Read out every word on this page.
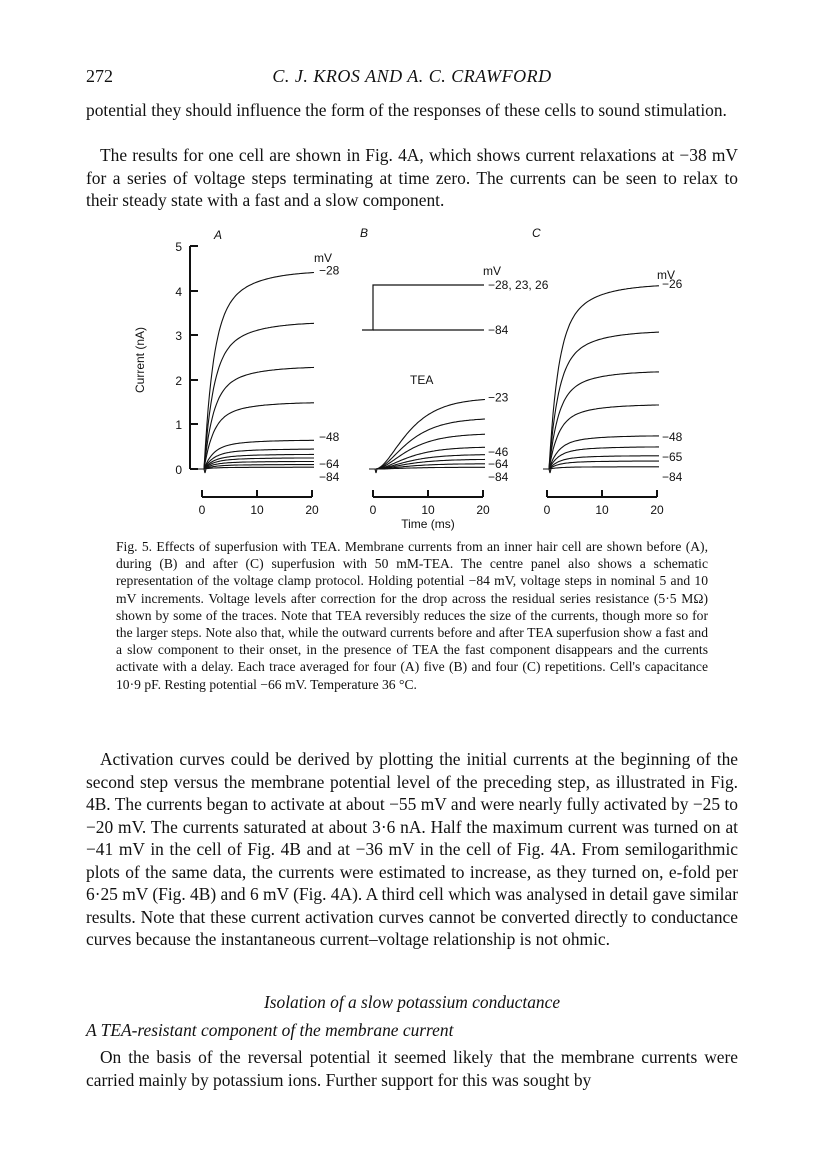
272	C. J. KROS AND A. C. CRAWFORD

potential they should influence the form of the responses of these cells to sound stimulation.

The results for one cell are shown in Fig. 4A, which shows current relaxations at −38 mV for a series of voltage steps terminating at time zero. The currents can be seen to relax to their steady state with a fast and a slow component.

A	B	C
5
4
3
2
1
0
Current (nA)
0	10	20	0	10	20	0	10	20
Time (ms)
mV
mV	mV
−28, 23, 26
−84
TEA
−28
−48
−64
−84
−23
−46
−64
−84
−26
−48
−65
−84

Fig. 5. Effects of superfusion with TEA. Membrane currents from an inner hair cell are shown before (A), during (B) and after (C) superfusion with 50 mM-TEA. The centre panel also shows a schematic representation of the voltage clamp protocol. Holding potential −84 mV, voltage steps in nominal 5 and 10 mV increments. Voltage levels after correction for the drop across the residual series resistance (5·5 MΩ) shown by some of the traces. Note that TEA reversibly reduces the size of the currents, though more so for the larger steps. Note also that, while the outward currents before and after TEA superfusion show a fast and a slow component to their onset, in the presence of TEA the fast component disappears and the currents activate with a delay. Each trace averaged for four (A) five (B) and four (C) repetitions. Cell's capacitance 10·9 pF. Resting potential −66 mV. Temperature 36 °C.

Activation curves could be derived by plotting the initial currents at the beginning of the second step versus the membrane potential level of the preceding step, as illustrated in Fig. 4B. The currents began to activate at about −55 mV and were nearly fully activated by −25 to −20 mV. The currents saturated at about 3·6 nA. Half the maximum current was turned on at −41 mV in the cell of Fig. 4B and at −36 mV in the cell of Fig. 4A. From semilogarithmic plots of the same data, the currents were estimated to increase, as they turned on, e-fold per 6·25 mV (Fig. 4B) and 6 mV (Fig. 4A). A third cell which was analysed in detail gave similar results. Note that these current activation curves cannot be converted directly to conductance curves because the instantaneous current–voltage relationship is not ohmic.

Isolation of a slow potassium conductance
A TEA-resistant component of the membrane current

On the basis of the reversal potential it seemed likely that the membrane currents were carried mainly by potassium ions. Further support for this was sought by
